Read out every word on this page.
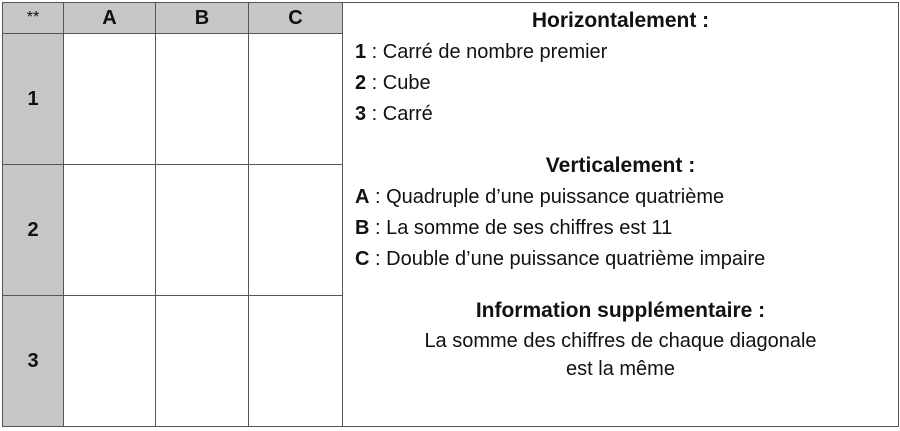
**	A	B	C
1
2
3
Horizontalement :
1 : Carré de nombre premier
2 : Cube
3 : Carré
Verticalement :
A : Quadruple d’une puissance quatrième
B : La somme de ses chiffres est 11
C : Double d’une puissance quatrième impaire
Information supplémentaire :
La somme des chiffres de chaque diagonale
est la même
